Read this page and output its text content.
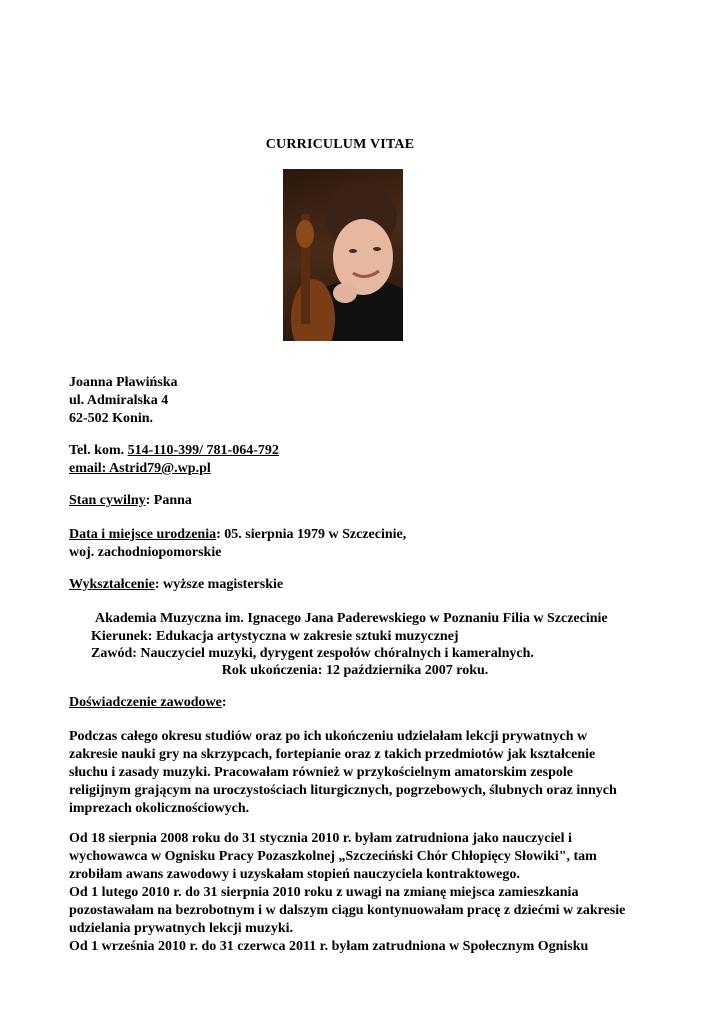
CURRICULUM VITAE
Joanna Pławińska
ul. Admiralska 4
62-502 Konin.
Tel. kom. 514-110-399/ 781-064-792
email: Astrid79@.wp.pl
Stan cywilny: Panna
Data i miejsce urodzenia: 05. sierpnia 1979 w Szczecinie,
woj. zachodniopomorskie
Wykształcenie: wyższe magisterskie
Akademia Muzyczna im. Ignacego Jana Paderewskiego w Poznaniu Filia w Szczecinie
Kierunek: Edukacja artystyczna w zakresie sztuki muzycznej
Zawód: Nauczyciel muzyki, dyrygent zespołów chóralnych i kameralnych.
Rok ukończenia: 12 października 2007 roku.
Doświadczenie zawodowe:
Podczas całego okresu studiów oraz po ich ukończeniu udzielałam lekcji prywatnych w
zakresie nauki gry na skrzypcach, fortepianie oraz z takich przedmiotów jak kształcenie
słuchu i zasady muzyki. Pracowałam również w przykościelnym amatorskim zespole
religijnym grającym na uroczystościach liturgicznych, pogrzebowych, ślubnych oraz innych
imprezach okolicznościowych.
Od 18 sierpnia 2008 roku do 31 stycznia 2010 r. byłam zatrudniona jako nauczyciel i
wychowawca w Ognisku Pracy Pozaszkolnej „Szczeciński Chór Chłopięcy Słowiki", tam
zrobiłam awans zawodowy i uzyskałam stopień nauczyciela kontraktowego.
Od 1 lutego 2010 r. do 31 sierpnia 2010 roku z uwagi na zmianę miejsca zamieszkania
pozostawałam na bezrobotnym i w dalszym ciągu kontynuowałam pracę z dziećmi w zakresie
udzielania prywatnych lekcji muzyki.
Od 1 września 2010 r. do 31 czerwca 2011 r. byłam zatrudniona w Społecznym Ognisku
